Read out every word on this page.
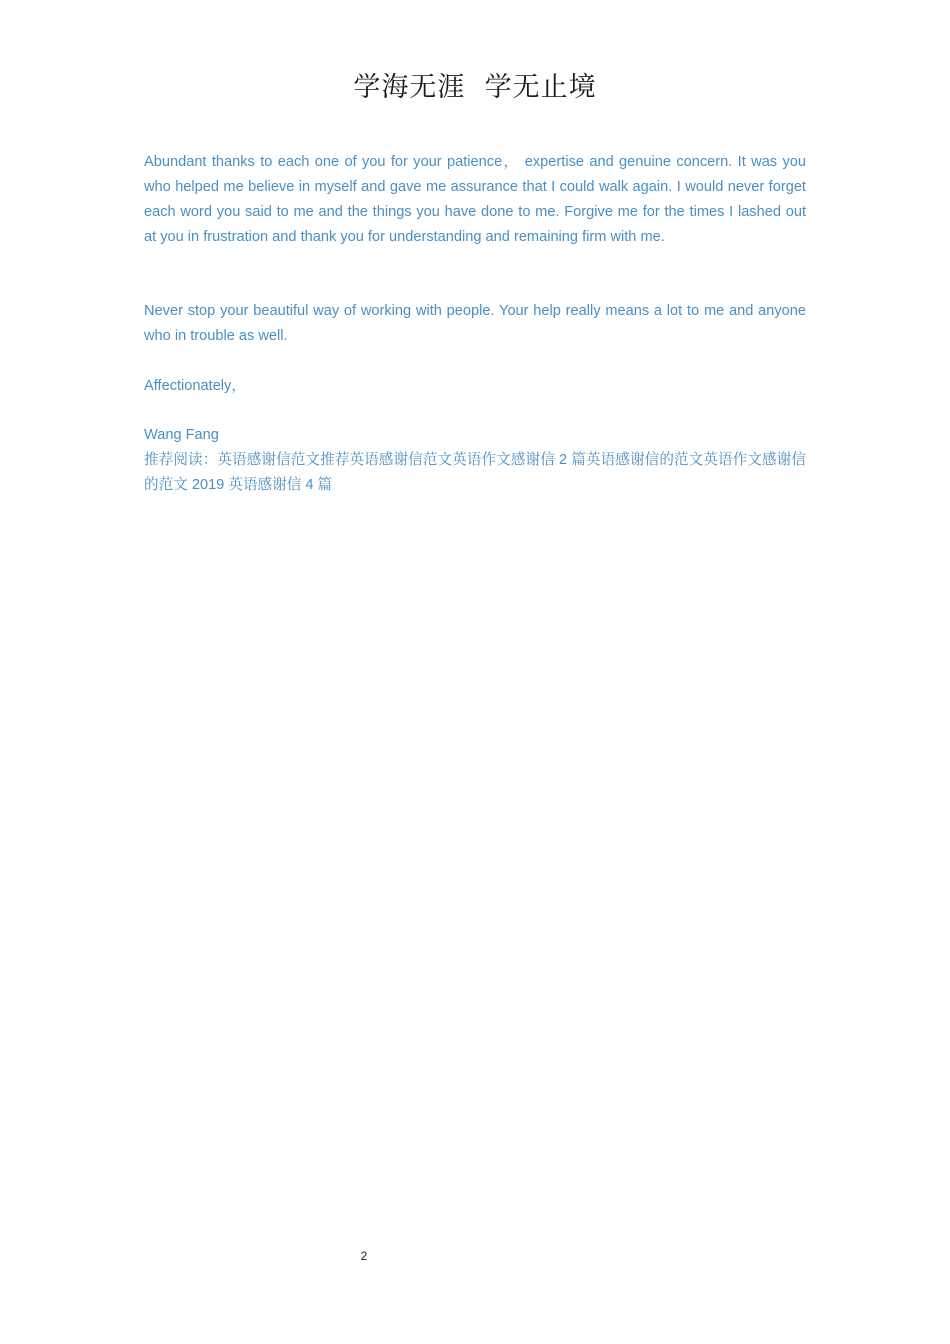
学海无涯  学无止境

Abundant thanks to each one of you for your patience， expertise and genuine concern. It was you who helped me believe in myself and gave me assurance that I could walk again. I would never forget each word you said to me and the things you have done to me. Forgive me for the times I lashed out at you in frustration and thank you for understanding and remaining firm with me.

Never stop your beautiful way of working with people. Your help really means a lot to me and anyone who in trouble as well.

Affectionately，

Wang Fang

推荐阅读：英语感谢信范文推荐英语感谢信范文英语作文感谢信 2 篇英语感谢信的范文英语作文感谢信的范文 2019 英语感谢信 4 篇

2
